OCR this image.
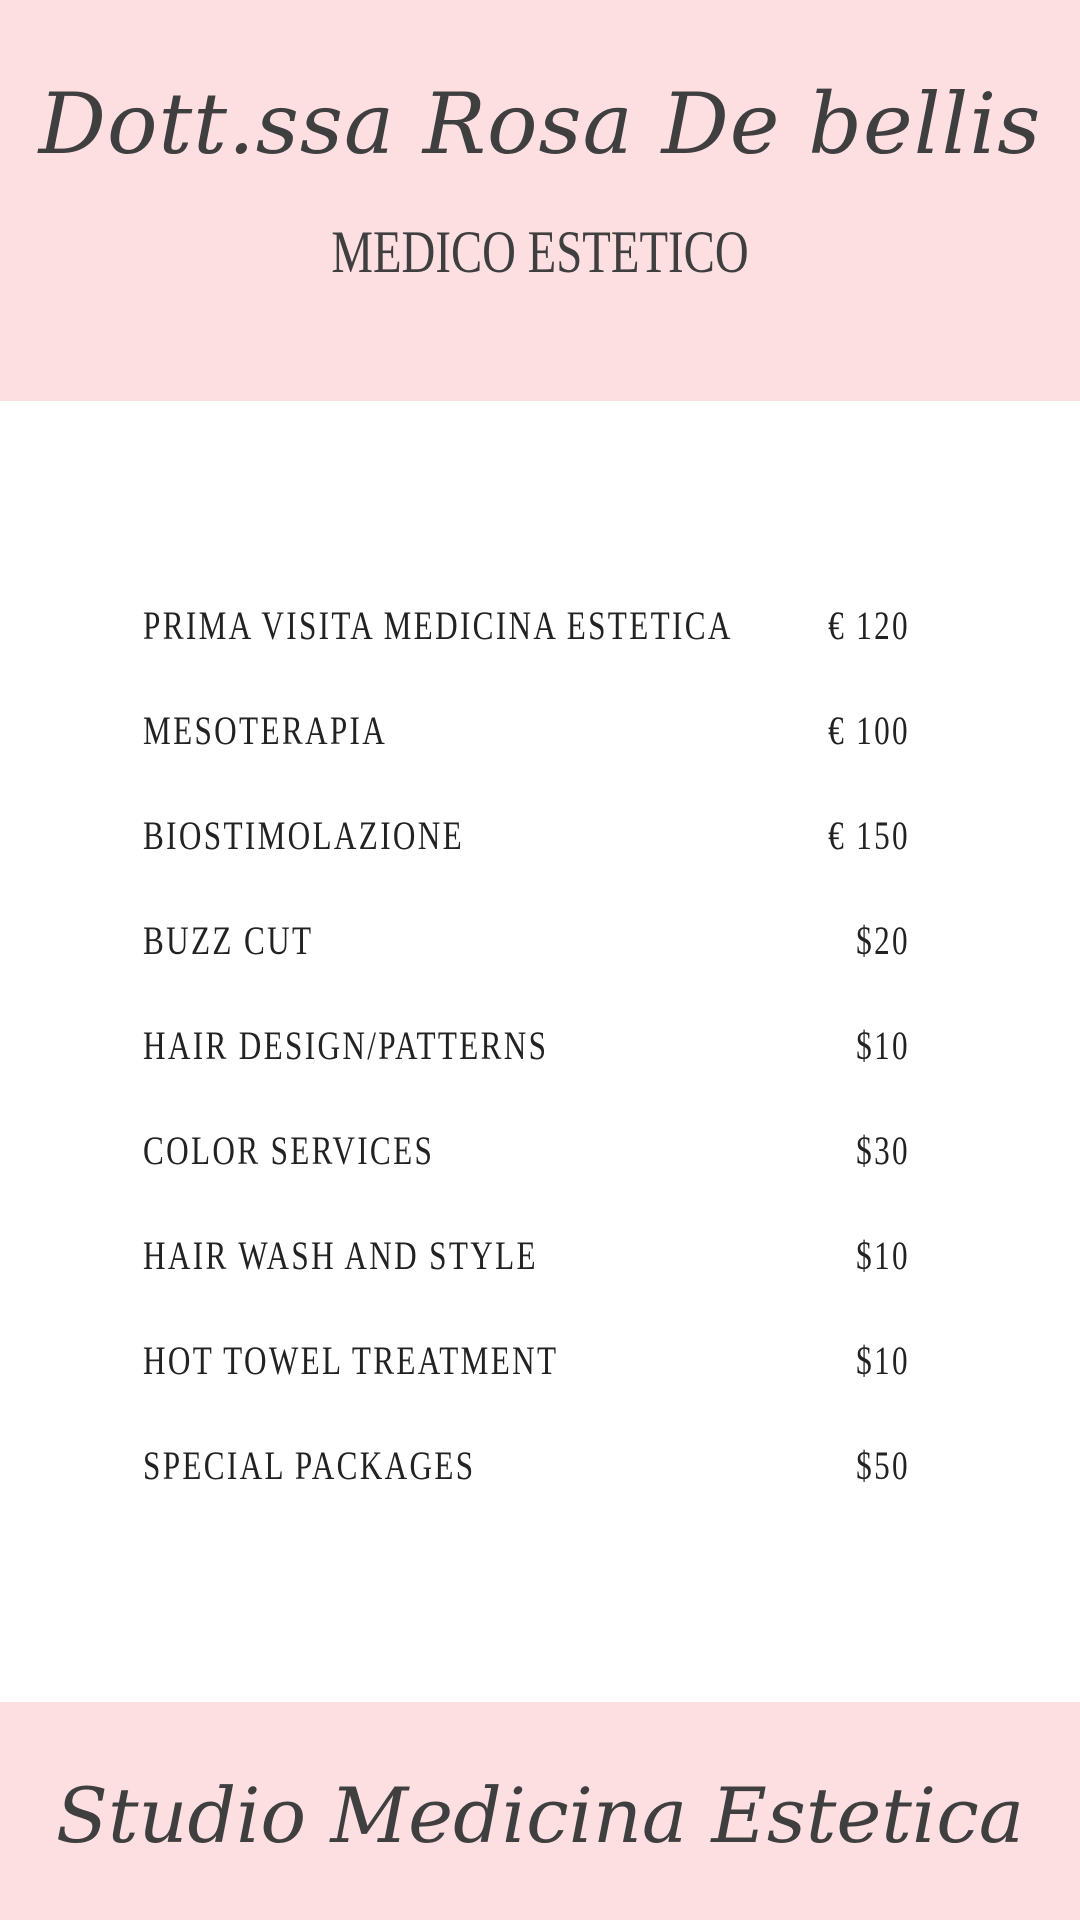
Dott.ssa Rosa De bellis
MEDICO ESTETICO
PRIMA VISITA MEDICINA ESTETICA € 120
MESOTERAPIA	€ 100
BIOSTIMOLAZIONE	€ 150
BUZZ CUT	$20
HAIR DESIGN/PATTERNS	$10
COLOR SERVICES	$30
HAIR WASH AND STYLE	$10
HOT TOWEL TREATMENT	$10
SPECIAL PACKAGES	$50
Studio Medicina Estetica
